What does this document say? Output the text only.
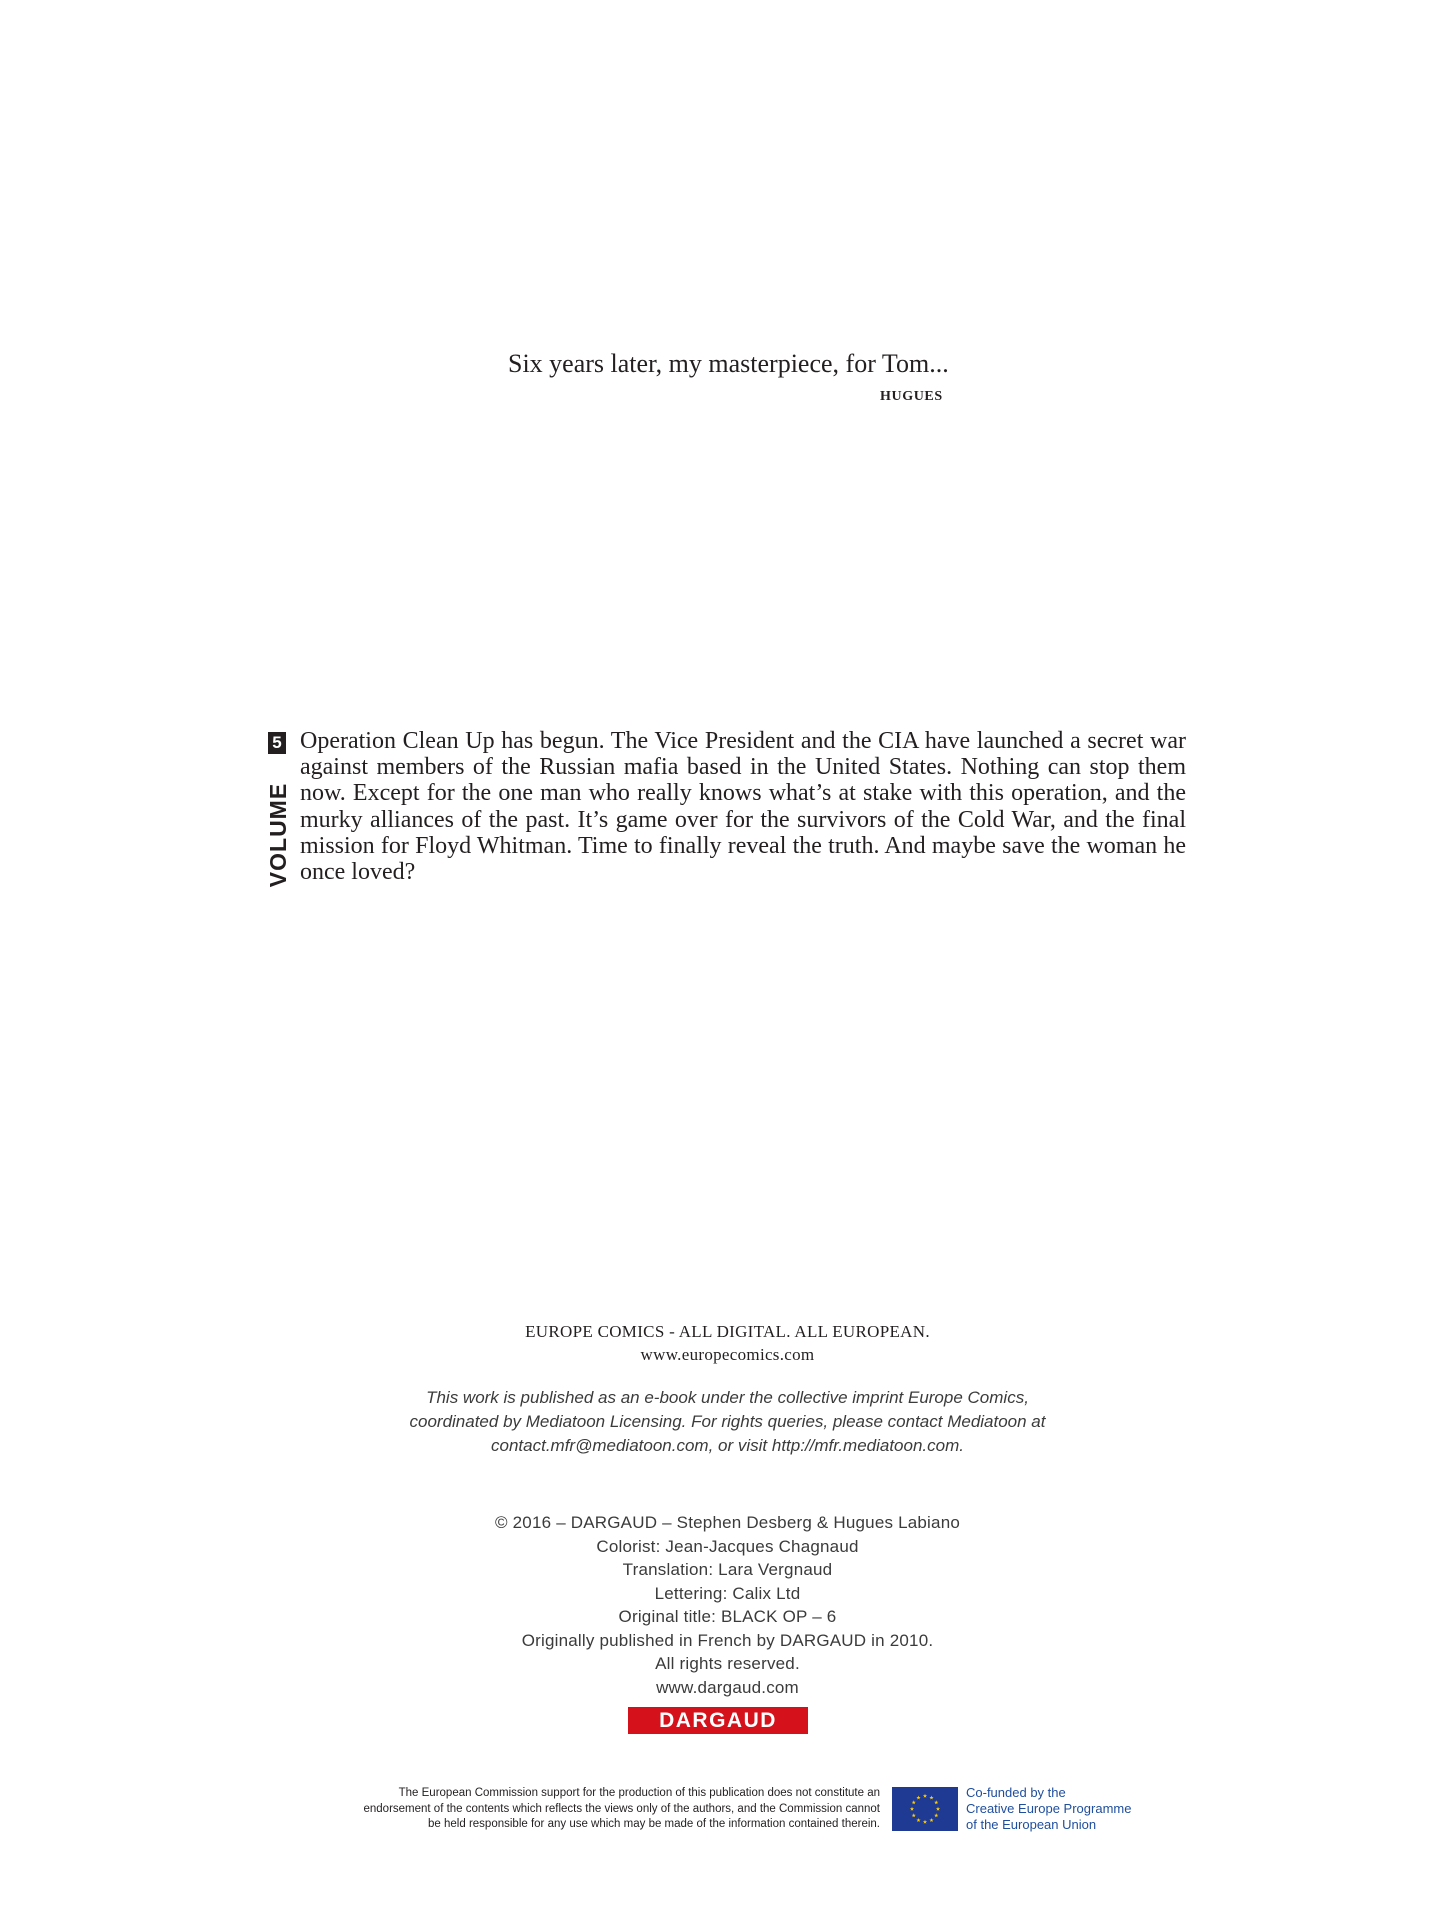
Six years later, my masterpiece, for Tom...
HUGUES
5
VOLUME
Operation Clean Up has begun. The Vice President and the CIA have launched a secret war against members of the Russian mafia based in the United States. Nothing can stop them now. Except for the one man who really knows what’s at stake with this operation, and the murky alliances of the past. It’s game over for the survivors of the Cold War, and the final mission for Floyd Whitman. Time to finally reveal the truth. And maybe save the woman he once loved?
EUROPE COMICS - ALL DIGITAL. ALL EUROPEAN.
www.europecomics.com
This work is published as an e-book under the collective imprint Europe Comics,
coordinated by Mediatoon Licensing. For rights queries, please contact Mediatoon at
contact.mfr@mediatoon.com, or visit http://mfr.mediatoon.com.
© 2016 – DARGAUD – Stephen Desberg & Hugues Labiano
Colorist: Jean-Jacques Chagnaud
Translation: Lara Vergnaud
Lettering: Calix Ltd
Original title: BLACK OP – 6
Originally published in French by DARGAUD in 2010.
All rights reserved.
www.dargaud.com
DARGAUD
The European Commission support for the production of this publication does not constitute an
endorsement of the contents which reflects the views only of the authors, and the Commission cannot
be held responsible for any use which may be made of the information contained therein.
Co-funded by the
Creative Europe Programme
of the European Union
